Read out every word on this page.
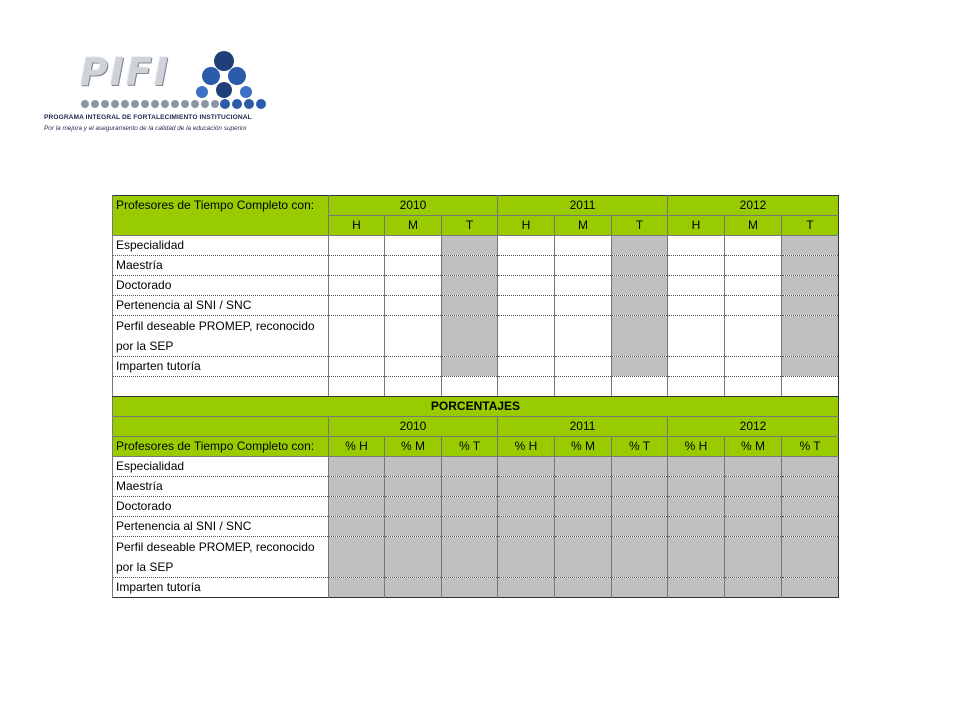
PIFI
PROGRAMA INTEGRAL DE FORTALECIMIENTO INSTITUCIONAL
Por la mejora y el aseguramiento de la calidad de la educación superior
Profesores de Tiempo Completo con:	2010			2011			2012		
	H	M	T	H	M	T	H	M	T
Especialidad									
Maestría									
Doctorado									
Pertenencia al SNI / SNC									
Perfil deseable PROMEP, reconocido por la SEP									
Imparten tutoría									

PORCENTAJES									
	2010			2011			2012		
Profesores de Tiempo Completo con:	% H	% M	% T	% H	% M	% T	% H	% M	% T
Especialidad									
Maestría									
Doctorado									
Pertenencia al SNI / SNC									
Perfil deseable PROMEP, reconocido por la SEP									
Imparten tutoría									
